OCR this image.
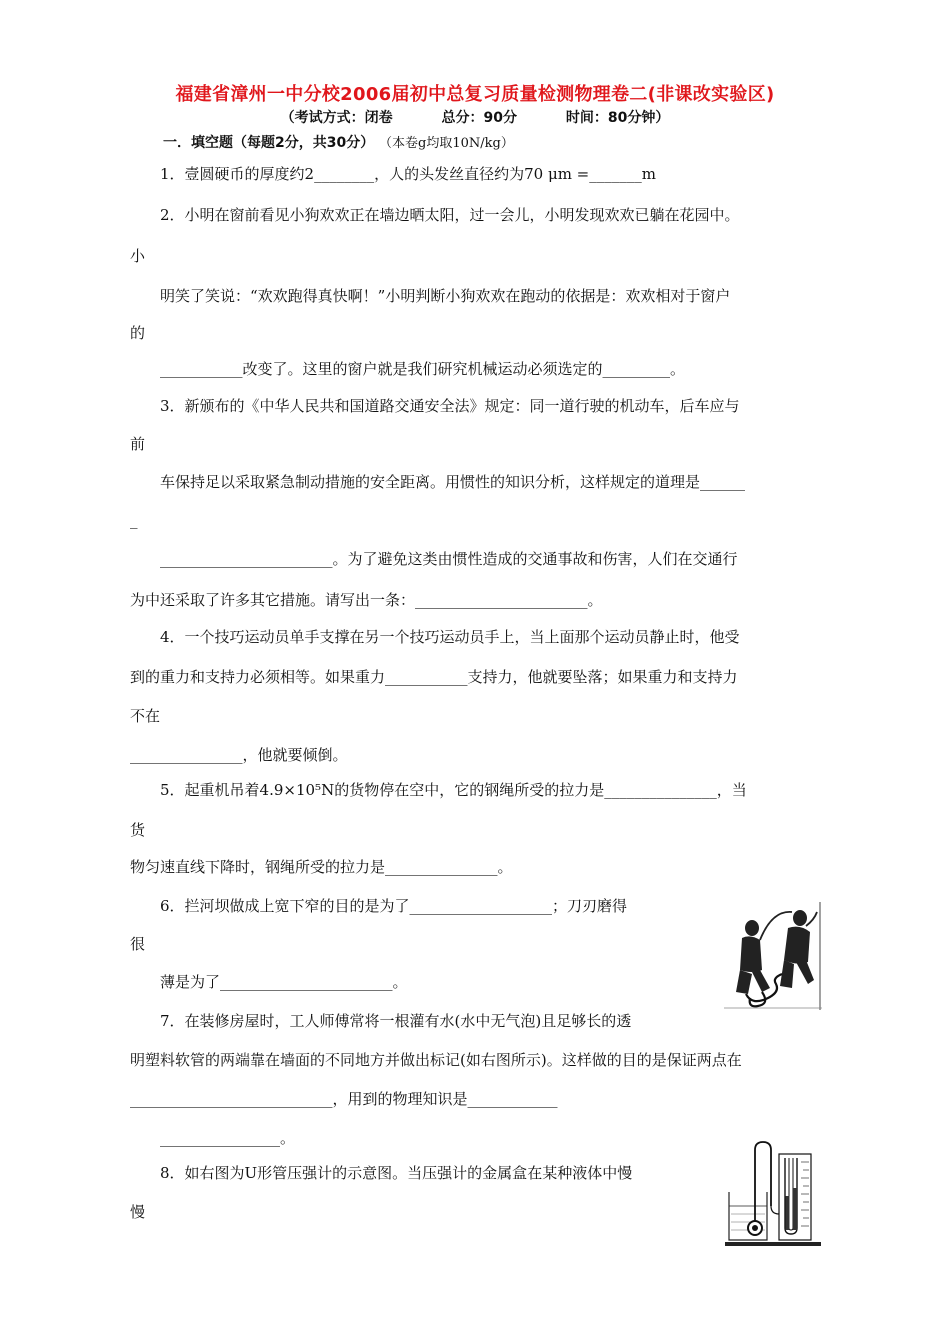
福建省漳州一中分校2006届初中总复习质量检测物理卷二(非课改实验区)
（考试方式：闭卷	总分：90分	时间：80分钟）
一．填空题（每题2分，共30分） （本卷g均取10N/kg）
1．壹圆硬币的厚度约2________，人的头发丝直径约为70 μm =_______m
2．小明在窗前看见小狗欢欢正在墙边晒太阳，过一会儿，小明发现欢欢已躺在花园中。
小
明笑了笑说：“欢欢跑得真快啊！”小明判断小狗欢欢在跑动的依据是：欢欢相对于窗户
的
___________改变了。这里的窗户就是我们研究机械运动必须选定的_________。
3．新颁布的《中华人民共和国道路交通安全法》规定：同一道行驶的机动车，后车应与
前
车保持足以采取紧急制动措施的安全距离。用惯性的知识分析，这样规定的道理是______
_
_______________________。为了避免这类由惯性造成的交通事故和伤害，人们在交通行
为中还采取了许多其它措施。请写出一条：_______________________。
4．一个技巧运动员单手支撑在另一个技巧运动员手上，当上面那个运动员静止时，他受
到的重力和支持力必须相等。如果重力___________支持力，他就要坠落；如果重力和支持力
不在
_______________，他就要倾倒。
5．起重机吊着4.9×10⁵N的货物停在空中，它的钢绳所受的拉力是_______________，当
货
物匀速直线下降时，钢绳所受的拉力是_______________。
6．拦河坝做成上宽下窄的目的是为了___________________；刀刃磨得
很
薄是为了_______________________。
7．在装修房屋时，工人师傅常将一根灌有水(水中无气泡)且足够长的透
明塑料软管的两端靠在墙面的不同地方并做出标记(如右图所示)。这样做的目的是保证两点在
___________________________，用到的物理知识是____________
________________。
8．如右图为U形管压强计的示意图。当压强计的金属盒在某种液体中慢
慢
